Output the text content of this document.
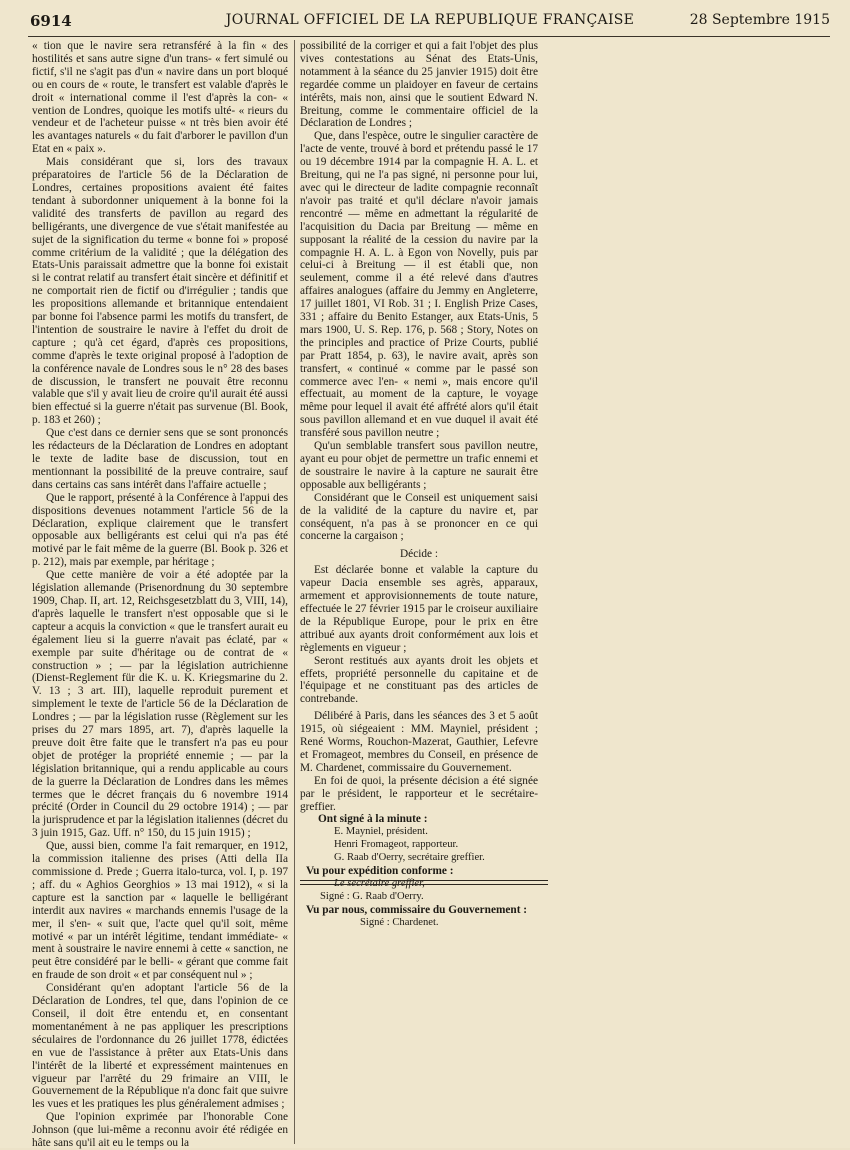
6914	JOURNAL OFFICIEL DE LA REPUBLIQUE FRANÇAISE	28 Septembre 1915

« tion que le navire sera retransféré à la fin « des hostilités et sans autre signe d'un trans- « fert simulé ou fictif, s'il ne s'agit pas d'un « navire dans un port bloqué ou en cours de « route, le transfert est valable d'après le droit « international comme il l'est d'après la con- « vention de Londres, quoique les motifs ulté- « rieurs du vendeur et de l'acheteur puisse « nt très bien avoir été les avantages naturels « du fait d'arborer le pavillon d'un Etat en « paix ».

Mais considérant que si, lors des travaux préparatoires de l'article 56 de la Déclaration de Londres, certaines propositions avaient été faites tendant à subordonner uniquement à la bonne foi la validité des transferts de pavillon au regard des belligérants, une divergence de vue s'était manifestée au sujet de la signification du terme « bonne foi » proposé comme critérium de la validité ; que la délégation des Etats-Unis paraissait admettre que la bonne foi existait si le contrat relatif au transfert était sincère et définitif et ne comportait rien de fictif ou d'irrégulier ; tandis que les propositions allemande et britannique entendaient par bonne foi l'absence parmi les motifs du transfert, de l'intention de soustraire le navire à l'effet du droit de capture ; qu'à cet égard, d'après ces propositions, comme d'après le texte original proposé à l'adoption de la conférence navale de Londres sous le n° 28 des bases de discussion, le transfert ne pouvait être reconnu valable que s'il y avait lieu de croire qu'il aurait été aussi bien effectué si la guerre n'était pas survenue (Bl. Book, p. 183 et 260) ;

Que c'est dans ce dernier sens que se sont prononcés les rédacteurs de la Déclaration de Londres en adoptant le texte de ladite base de discussion, tout en mentionnant la possibilité de la preuve contraire, sauf dans certains cas sans intérêt dans l'affaire actuelle ;

Que le rapport, présenté à la Conférence à l'appui des dispositions devenues notamment l'article 56 de la Déclaration, explique clairement que le transfert opposable aux belligérants est celui qui n'a pas été motivé par le fait même de la guerre (Bl. Book p. 326 et p. 212), mais par exemple, par héritage ;

Que cette manière de voir a été adoptée par la législation allemande (Prisenordnung du 30 septembre 1909, Chap. II, art. 12, Reichsgesetzblatt du 3, VIII, 14), d'après laquelle le transfert n'est opposable que si le capteur a acquis la conviction « que le transfert aurait eu également lieu si la guerre n'avait pas éclaté, par « exemple par suite d'héritage ou de contrat de « construction » ; — par la législation autrichienne (Dienst-Reglement für die K. u. K. Kriegsmarine du 2. V. 13 ; 3 art. III), laquelle reproduit purement et simplement le texte de l'article 56 de la Déclaration de Londres ; — par la législation russe (Règlement sur les prises du 27 mars 1895, art. 7), d'après laquelle la preuve doit être faite que le transfert n'a pas eu pour objet de protéger la propriété ennemie ; — par la législation britannique, qui a rendu applicable au cours de la guerre la Déclaration de Londres dans les mêmes termes que le décret français du 6 novembre 1914 précité (Order in Council du 29 octobre 1914) ; — par la jurisprudence et par la législation italiennes (décret du 3 juin 1915, Gaz. Uff. n° 150, du 15 juin 1915) ;

Que, aussi bien, comme l'a fait remarquer, en 1912, la commission italienne des prises (Atti della IIa commissione d. Prede ; Guerra italo-turca, vol. I, p. 197 ; aff. du « Aghios Georghios » 13 mai 1912), « si la capture est la sanction par « laquelle le belligérant interdit aux navires « marchands ennemis l'usage de la mer, il s'en- « suit que, l'acte quel qu'il soit, même motivé « par un intérêt légitime, tendant immédiate- « ment à soustraire le navire ennemi à cette « sanction, ne peut être considéré par le belli- « gérant que comme fait en fraude de son droit « et par conséquent nul » ;

Considérant qu'en adoptant l'article 56 de la Déclaration de Londres, tel que, dans l'opinion de ce Conseil, il doit être entendu et, en consentant momentanément à ne pas appliquer les prescriptions séculaires de l'ordonnance du 26 juillet 1778, édictées en vue de l'assistance à prêter aux Etats-Unis dans l'intérêt de la liberté et expressément maintenues en vigueur par l'arrêté du 29 frimaire an VIII, le Gouvernement de la République n'a donc fait que suivre les vues et les pratiques les plus généralement admises ;

Que l'opinion exprimée par l'honorable Cone Johnson (que lui-même a reconnu avoir été rédigée en hâte sans qu'il ait eu le temps ou la

possibilité de la corriger et qui a fait l'objet des plus vives contestations au Sénat des Etats-Unis, notamment à la séance du 25 janvier 1915) doit être regardée comme un plaidoyer en faveur de certains intérêts, mais non, ainsi que le soutient Edward N. Breitung, comme le commentaire officiel de la Déclaration de Londres ;

Que, dans l'espèce, outre le singulier caractère de l'acte de vente, trouvé à bord et prétendu passé le 17 ou 19 décembre 1914 par la compagnie H. A. L. et Breitung, qui ne l'a pas signé, ni personne pour lui, avec qui le directeur de ladite compagnie reconnaît n'avoir pas traité et qu'il déclare n'avoir jamais rencontré — même en admettant la régularité de l'acquisition du Dacia par Breitung — même en supposant la réalité de la cession du navire par la compagnie H. A. L. à Egon von Novelly, puis par celui-ci à Breitung — il est établi que, non seulement, comme il a été relevé dans d'autres affaires analogues (affaire du Jemmy en Angleterre, 17 juillet 1801, VI Rob. 31 ; I. English Prize Cases, 331 ; affaire du Benito Estanger, aux Etats-Unis, 5 mars 1900, U. S. Rep. 176, p. 568 ; Story, Notes on the principles and practice of Prize Courts, publié par Pratt 1854, p. 63), le navire avait, après son transfert, « continué « comme par le passé son commerce avec l'en- « nemi », mais encore qu'il effectuait, au moment de la capture, le voyage même pour lequel il avait été affrété alors qu'il était sous pavillon allemand et en vue duquel il avait été transféré sous pavillon neutre ;

Qu'un semblable transfert sous pavillon neutre, ayant eu pour objet de permettre un trafic ennemi et de soustraire le navire à la capture ne saurait être opposable aux belligérants ;

Considérant que le Conseil est uniquement saisi de la validité de la capture du navire et, par conséquent, n'a pas à se prononcer en ce qui concerne la cargaison ;

Décide :

Est déclarée bonne et valable la capture du vapeur Dacia ensemble ses agrès, apparaux, armement et approvisionnements de toute nature, effectuée le 27 février 1915 par le croiseur auxiliaire de la République Europe, pour le prix en être attribué aux ayants droit conformément aux lois et règlements en vigueur ;

Seront restitués aux ayants droit les objets et effets, propriété personnelle du capitaine et de l'équipage et ne constituant pas des articles de contrebande.

Délibéré à Paris, dans les séances des 3 et 5 août 1915, où siégeaient : MM. Mayniel, président ; René Worms, Rouchon-Mazerat, Gauthier, Lefevre et Fromageot, membres du Conseil, en présence de M. Chardenet, commissaire du Gouvernement.

En foi de quoi, la présente décision a été signée par le président, le rapporteur et le secrétaire-greffier.

Ont signé à la minute :

E. Mayniel, président.

Henri Fromageot, rapporteur.

G. Raab d'Oerry, secrétaire greffier.

Vu pour expédition conforme :

Le secrétaire greffier,

Signé : G. Raab d'Oerry.

Vu par nous, commissaire du Gouvernement :

Signé : Chardenet.
